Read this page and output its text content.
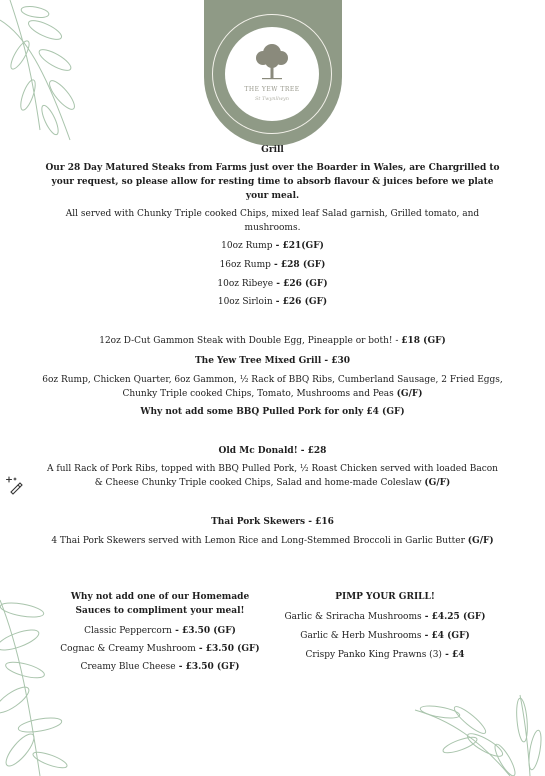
THE YEW TREE
St Twynllwyn

Grill

Our 28 Day Matured Steaks from Farms just over the Boarder in Wales, are Chargrilled to

your request, so please allow for resting time to absorb flavour & juices before we plate

your meal.

All served with Chunky Triple cooked Chips, mixed leaf Salad garnish, Grilled tomato, and

mushrooms.

10oz Rump - £21(GF)

16oz Rump - £28 (GF)

10oz Ribeye - £26 (GF)

10oz Sirloin - £26 (GF)

12oz D-Cut Gammon Steak with Double Egg, Pineapple or both! - £18 (GF)

The Yew Tree Mixed Grill - £30

6oz Rump, Chicken Quarter, 6oz Gammon, ½ Rack of BBQ Ribs, Cumberland Sausage, 2 Fried Eggs,

Chunky Triple cooked Chips, Tomato, Mushrooms and Peas (G/F)

Why not add some BBQ Pulled Pork for only £4 (GF)

Old Mc Donald! - £28

A full Rack of Pork Ribs, topped with BBQ Pulled Pork, ½ Roast Chicken served with loaded Bacon

& Cheese Chunky Triple cooked Chips, Salad and home-made Coleslaw (G/F)

Thai Pork Skewers - £16

4 Thai Pork Skewers served with Lemon Rice and Long-Stemmed Broccoli in Garlic Butter (G/F)

Why not add one of our Homemade

Sauces to compliment your meal!

Classic Peppercorn - £3.50 (GF)

Cognac & Creamy Mushroom - £3.50 (GF)

Creamy Blue Cheese - £3.50 (GF)

PIMP YOUR GRILL!

Garlic & Sriracha Mushrooms - £4.25 (GF)

Garlic & Herb Mushrooms - £4 (GF)

Crispy Panko King Prawns (3) - £4
